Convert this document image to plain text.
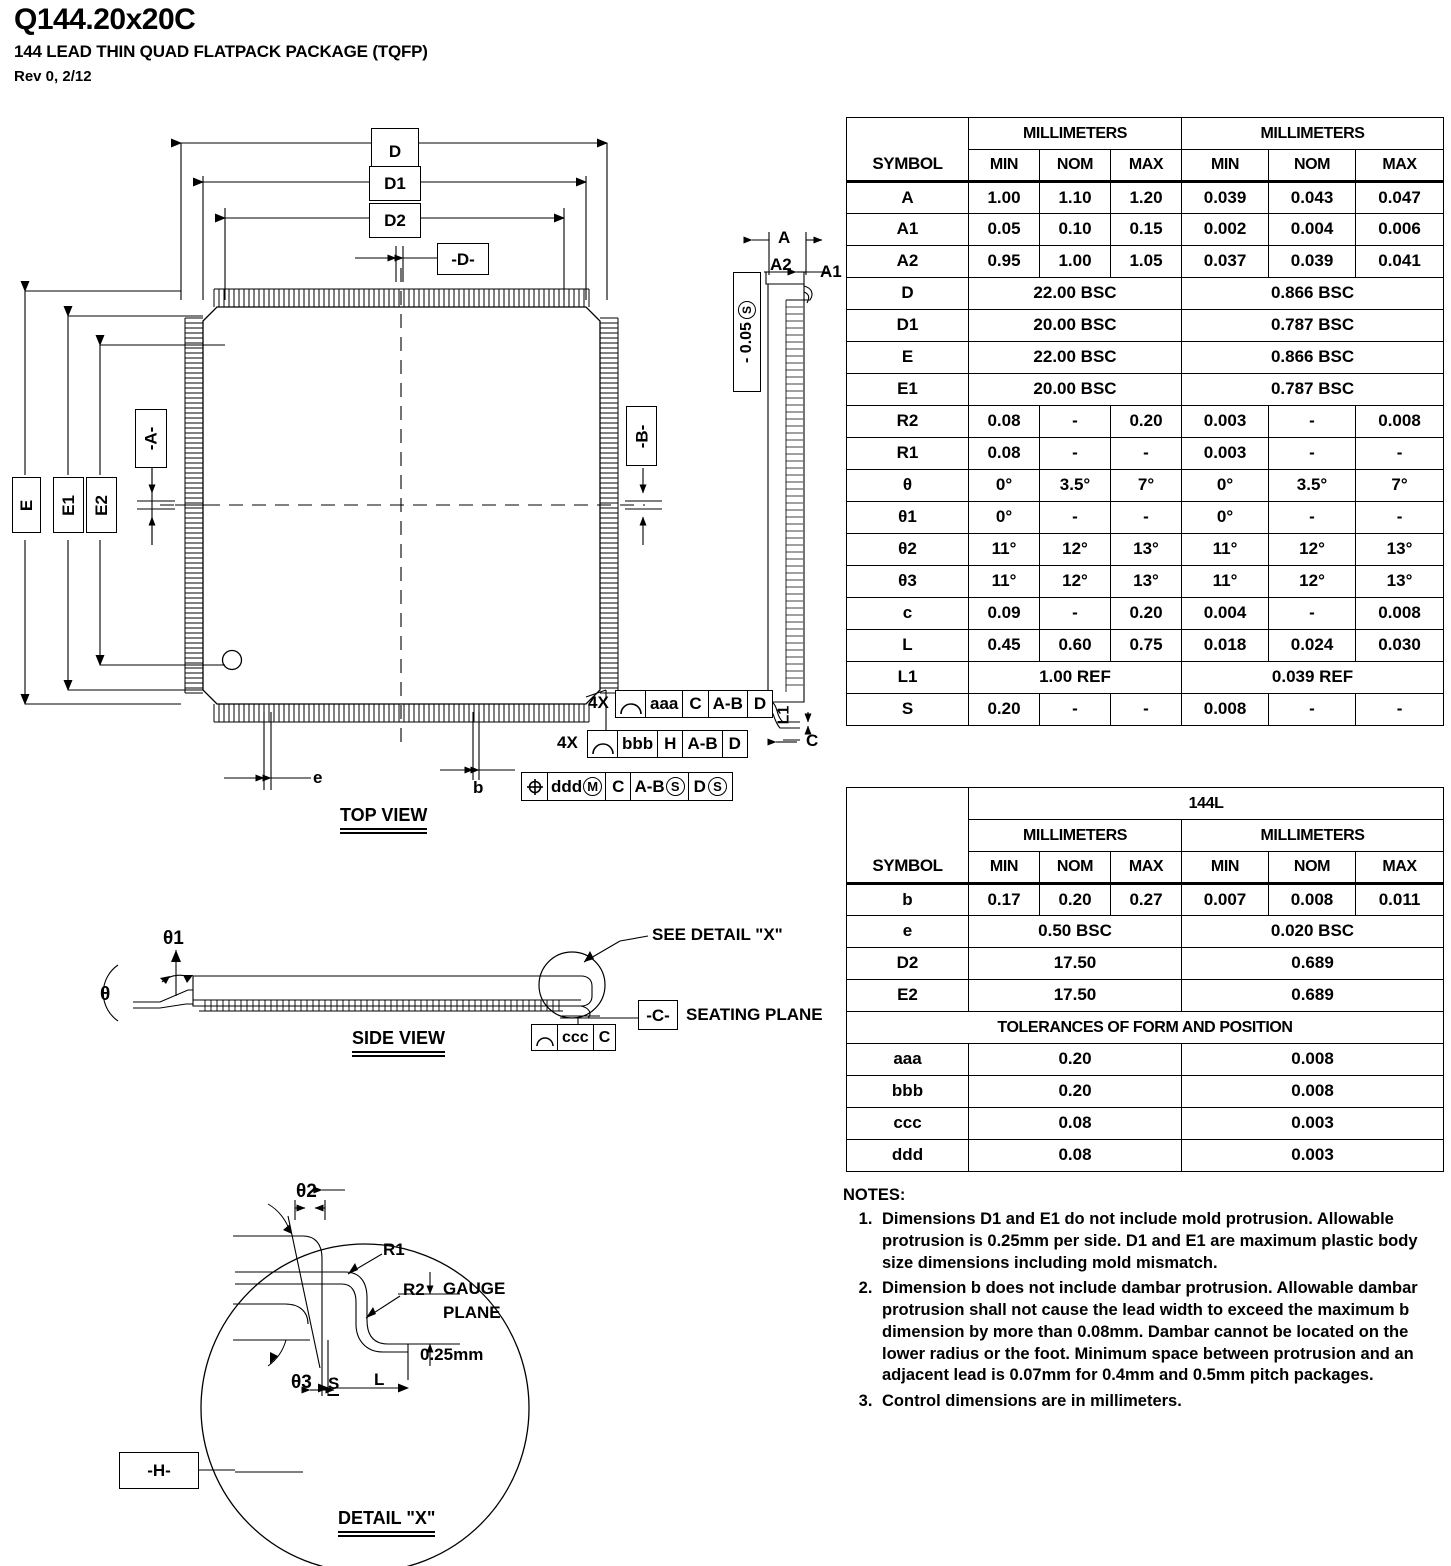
Q144.20x20C
144 LEAD THIN QUAD FLATPACK PACKAGE (TQFP)
Rev 0, 2/12
D
D1
D2
-D-
E E1 E2
-A-	-B-
e
b
TOP VIEW
4X aaa C A-B D
4X	bbb H A-B D
ddd M C A-B S D S
A
A2 A1
- 0.05
S
L1
C
θ
θ1	SEE DETAIL "X"
-C- SEATING PLANE
ccc C
SIDE VIEW
θ2
θ3
R1
R2 GAUGE
PLANE
0.25mm
S L
-H-
DETAIL "X"
SYMBOL	MILLIMETERS			MILLIMETERS		
	MIN	NOM	MAX	MIN	NOM	MAX
A	1.00	1.10	1.20	0.039	0.043	0.047
A1	0.05	0.10	0.15	0.002	0.004	0.006
A2	0.95	1.00	1.05	0.037	0.039	0.041
D	22.00 BSC			0.866 BSC		
D1	20.00 BSC			0.787 BSC		
E	22.00 BSC			0.866 BSC		
E1	20.00 BSC			0.787 BSC		
R2	0.08	-	0.20	0.003	-	0.008
R1	0.08	-	-	0.003	-	-
θ	0°	3.5°	7°	0°	3.5°	7°
θ1	0°	-	-	0°	-	-
θ2	11°	12°	13°	11°	12°	13°
θ3	11°	12°	13°	11°	12°	13°
c	0.09	-	0.20	0.004	-	0.008
L	0.45	0.60	0.75	0.018	0.024	0.030
L1	1.00 REF			0.039 REF		
S	0.20	-	-	0.008	-	-
SYMBOL	144L					
	MILLIMETERS			MILLIMETERS		
	MIN	NOM	MAX	MIN	NOM	MAX
b	0.17	0.20	0.27	0.007	0.008	0.011
e	0.50 BSC			0.020 BSC		
D2	17.50			0.689		
E2	17.50			0.689		
TOLERANCES OF FORM AND POSITION						
aaa	0.20			0.008		
bbb	0.20			0.008		
ccc	0.08			0.003		
ddd	0.08			0.003		
NOTES:
1. Dimensions D1 and E1 do not include mold protrusion. Allowable protrusion is 0.25mm per side. D1 and E1 are maximum plastic body size dimensions including mold mismatch.
2. Dimension b does not include dambar protrusion. Allowable dambar protrusion shall not cause the lead width to exceed the maximum b dimension by more than 0.08mm. Dambar cannot be located on the lower radius or the foot. Minimum space between protrusion and an adjacent lead is 0.07mm for 0.4mm and 0.5mm pitch packages.
3. Control dimensions are in millimeters.
